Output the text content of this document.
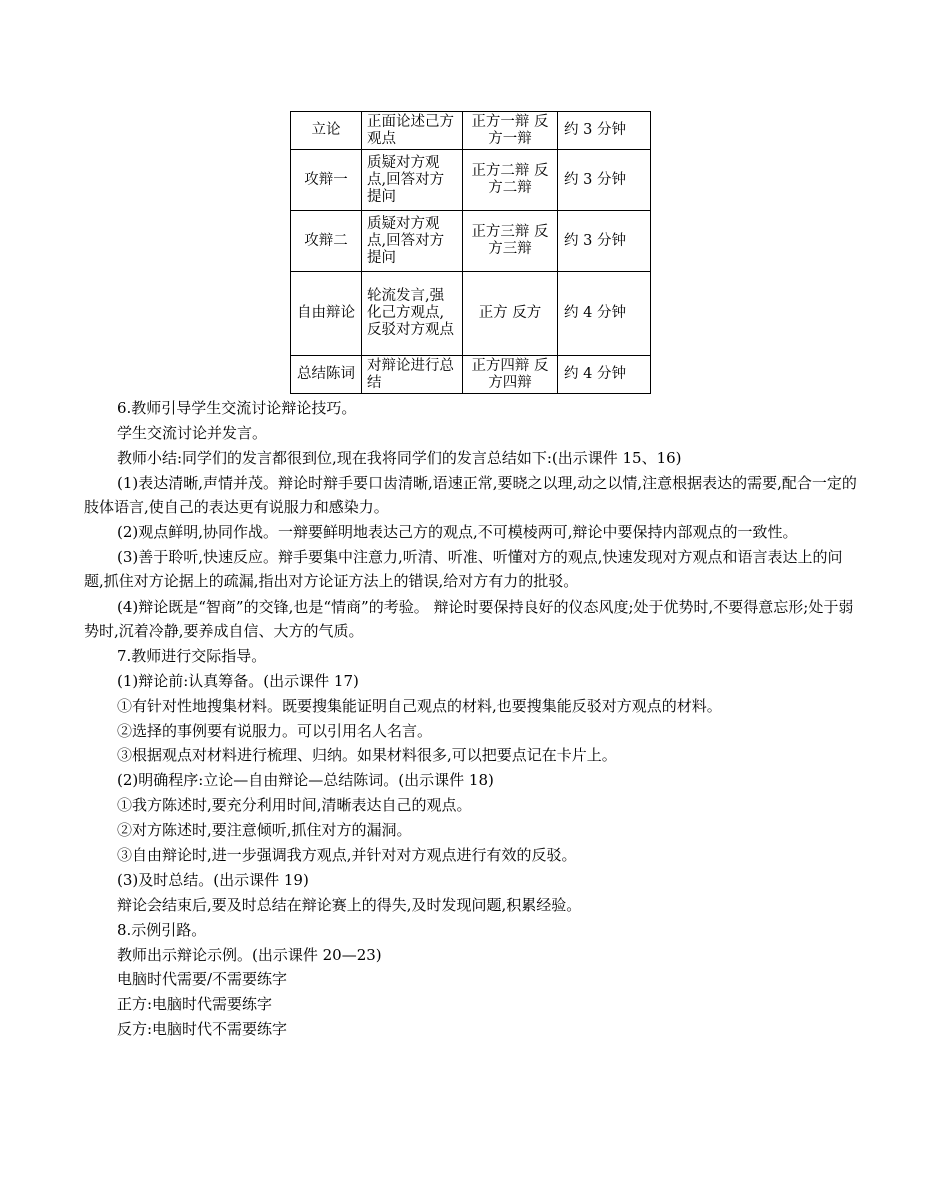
立论	正面论述己方观点	正方一辩 反方一辩	约 3 分钟
攻辩一	质疑对方观点,回答对方提问	正方二辩 反方二辩	约 3 分钟
攻辩二	质疑对方观点,回答对方提问	正方三辩 反方三辩	约 3 分钟
自由辩论	轮流发言,强化己方观点,反驳对方观点	正方 反方	约 4 分钟
总结陈词	对辩论进行总结	正方四辩 反方四辩	约 4 分钟
6.教师引导学生交流讨论辩论技巧。
学生交流讨论并发言。
教师小结:同学们的发言都很到位,现在我将同学们的发言总结如下:(出示课件 15、16)
(1)表达清晰,声情并茂。辩论时辩手要口齿清晰,语速正常,要晓之以理,动之以情,注意根据表达的需要,配合一定的肢体语言,使自己的表达更有说服力和感染力。
(2)观点鲜明,协同作战。一辩要鲜明地表达己方的观点,不可模棱两可,辩论中要保持内部观点的一致性。
(3)善于聆听,快速反应。辩手要集中注意力,听清、听准、听懂对方的观点,快速发现对方观点和语言表达上的问题,抓住对方论据上的疏漏,指出对方论证方法上的错误,给对方有力的批驳。
(4)辩论既是“智商”的交锋,也是“情商”的考验。 辩论时要保持良好的仪态风度;处于优势时,不要得意忘形;处于弱势时,沉着冷静,要养成自信、大方的气质。
7.教师进行交际指导。
(1)辩论前:认真筹备。(出示课件 17)
①有针对性地搜集材料。既要搜集能证明自己观点的材料,也要搜集能反驳对方观点的材料。
②选择的事例要有说服力。可以引用名人名言。
③根据观点对材料进行梳理、归纳。如果材料很多,可以把要点记在卡片上。
(2)明确程序:立论—自由辩论—总结陈词。(出示课件 18)
①我方陈述时,要充分利用时间,清晰表达自己的观点。
②对方陈述时,要注意倾听,抓住对方的漏洞。
③自由辩论时,进一步强调我方观点,并针对对方观点进行有效的反驳。
(3)及时总结。(出示课件 19)
辩论会结束后,要及时总结在辩论赛上的得失,及时发现问题,积累经验。
8.示例引路。
教师出示辩论示例。(出示课件 20—23)
电脑时代需要/不需要练字
正方:电脑时代需要练字
反方:电脑时代不需要练字
